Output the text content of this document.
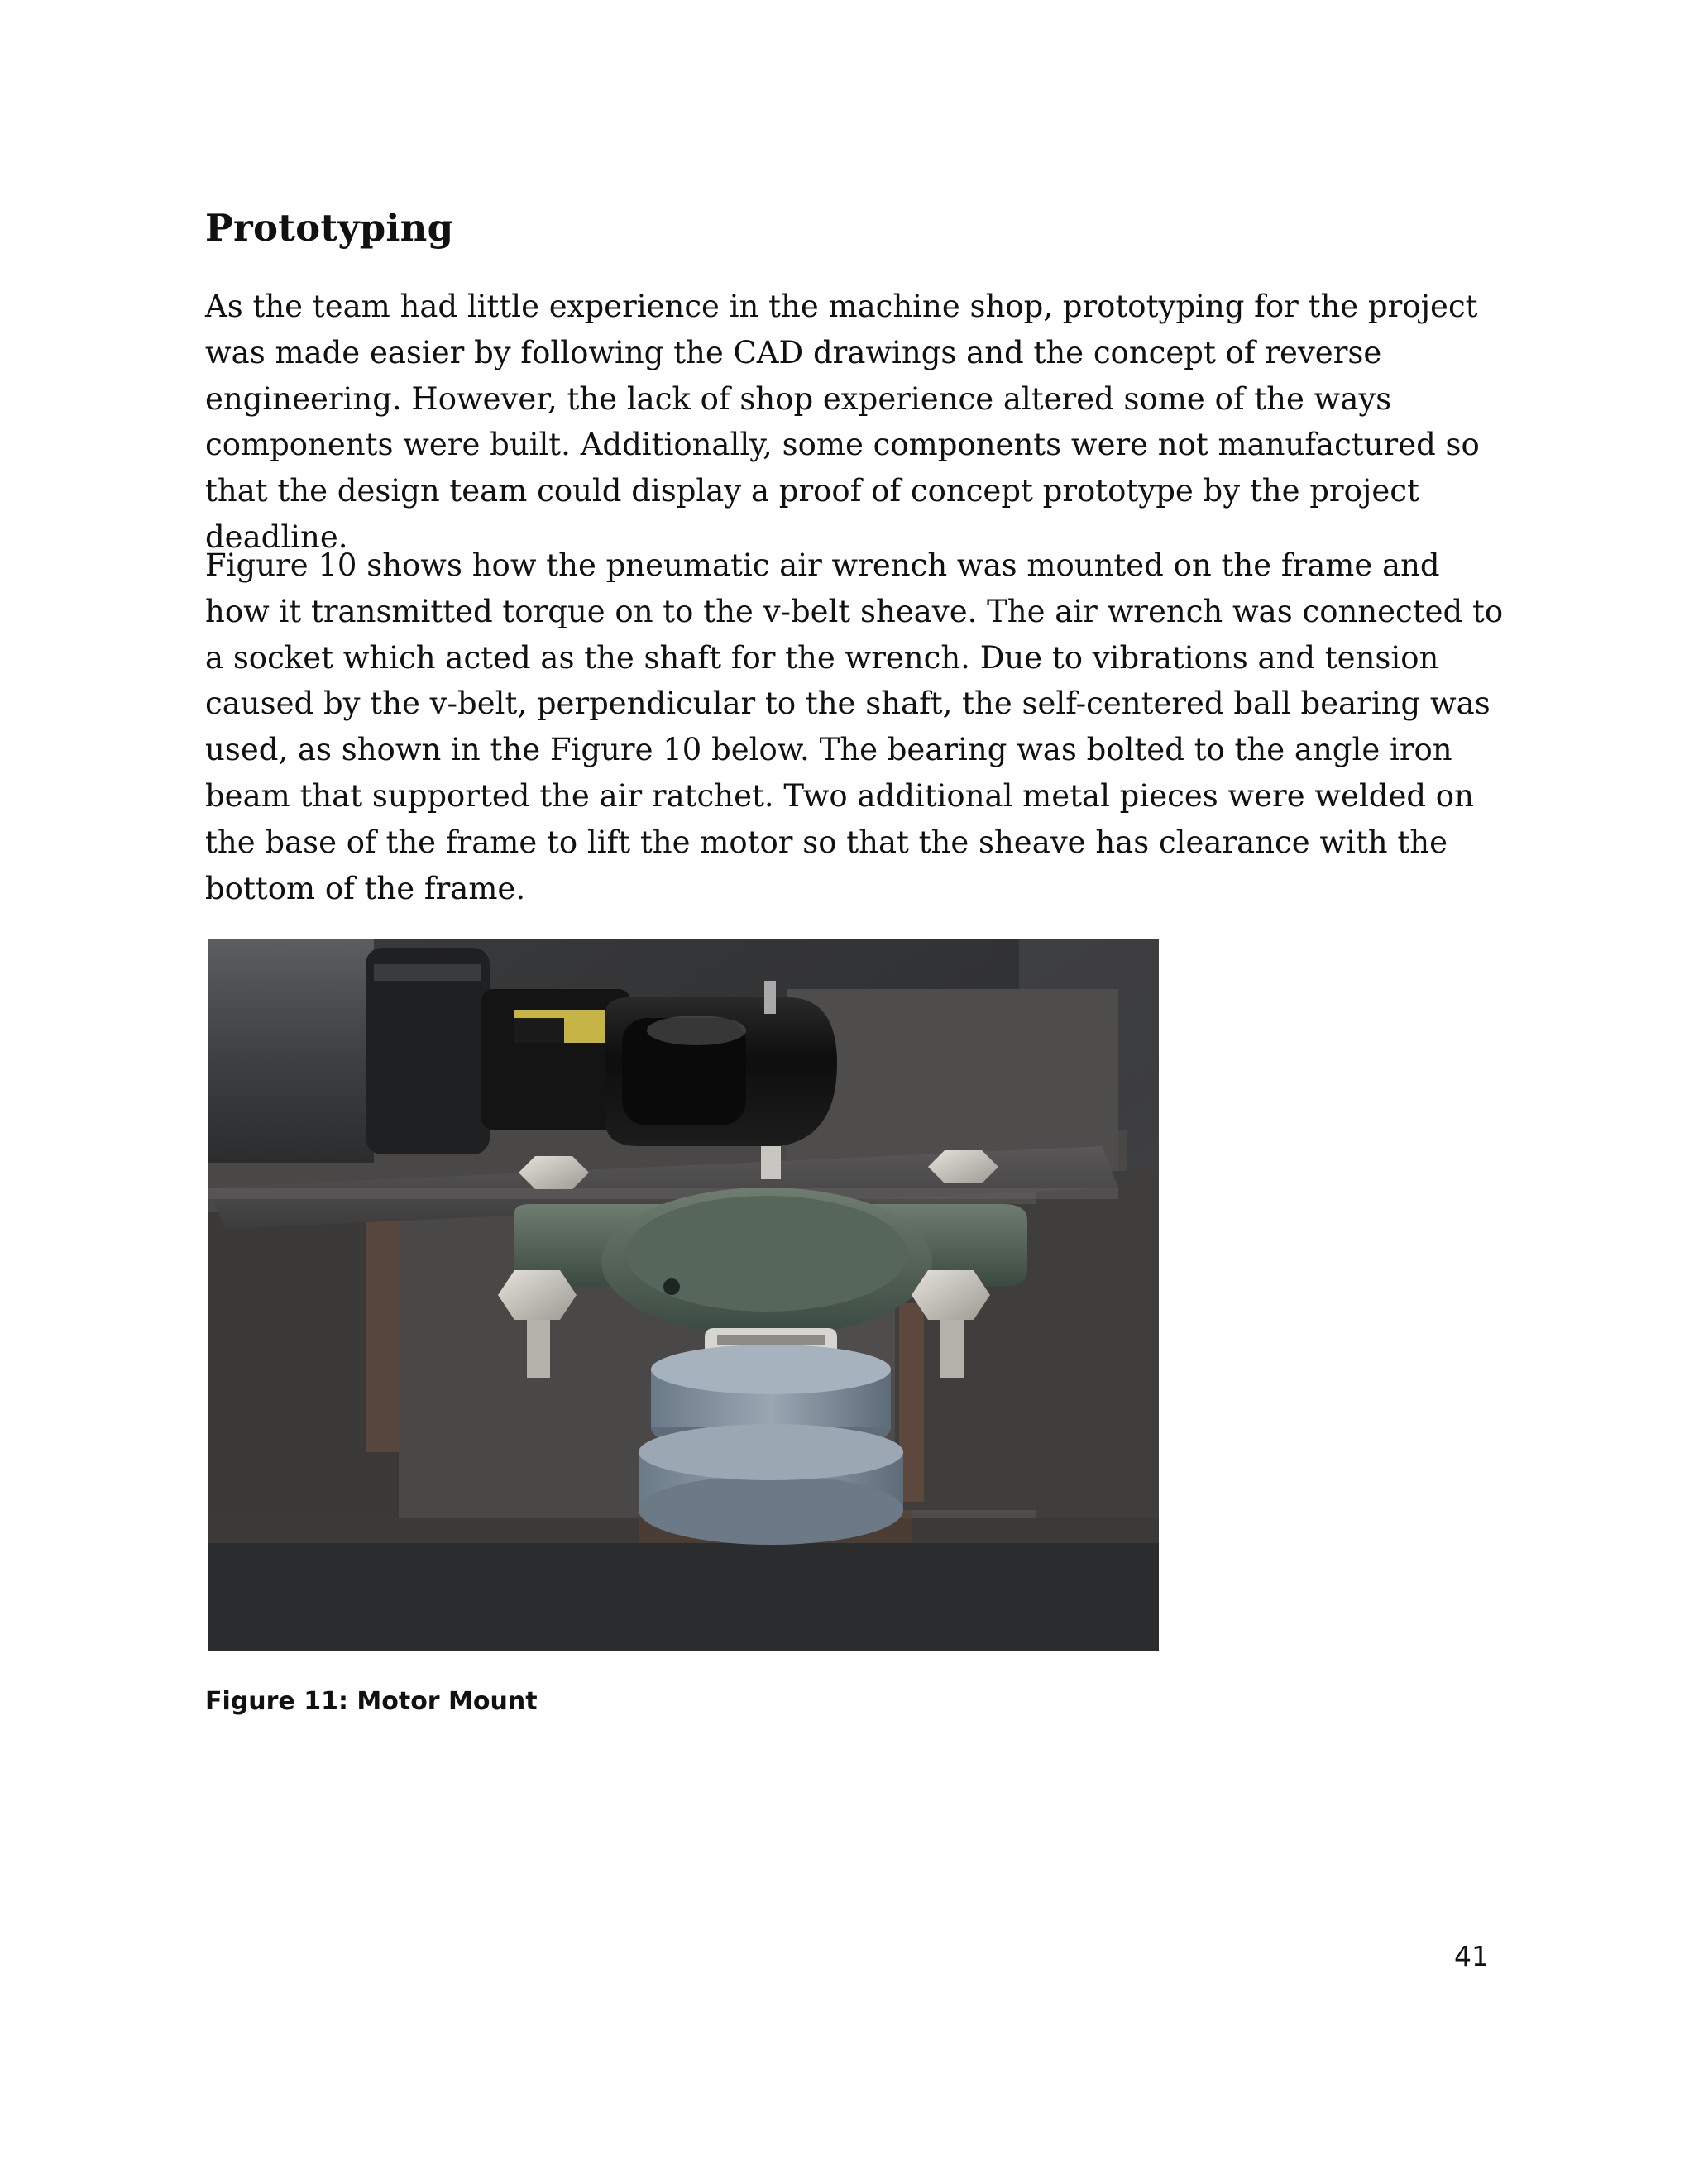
Prototyping

As the team had little experience in the machine shop, prototyping for the project was made easier by following the CAD drawings and the concept of reverse engineering. However, the lack of shop experience altered some of the ways components were built. Additionally, some components were not manufactured so that the design team could display a proof of concept prototype by the project deadline.

Figure 10 shows how the pneumatic air wrench was mounted on the frame and how it transmitted torque on to the v-belt sheave. The air wrench was connected to a socket which acted as the shaft for the wrench. Due to vibrations and tension caused by the v-belt, perpendicular to the shaft, the self-centered ball bearing was used, as shown in the Figure 10 below. The bearing was bolted to the angle iron beam that supported the air ratchet. Two additional metal pieces were welded on the base of the frame to lift the motor so that the sheave has clearance with the bottom of the frame.

Figure 11: Motor Mount

41
